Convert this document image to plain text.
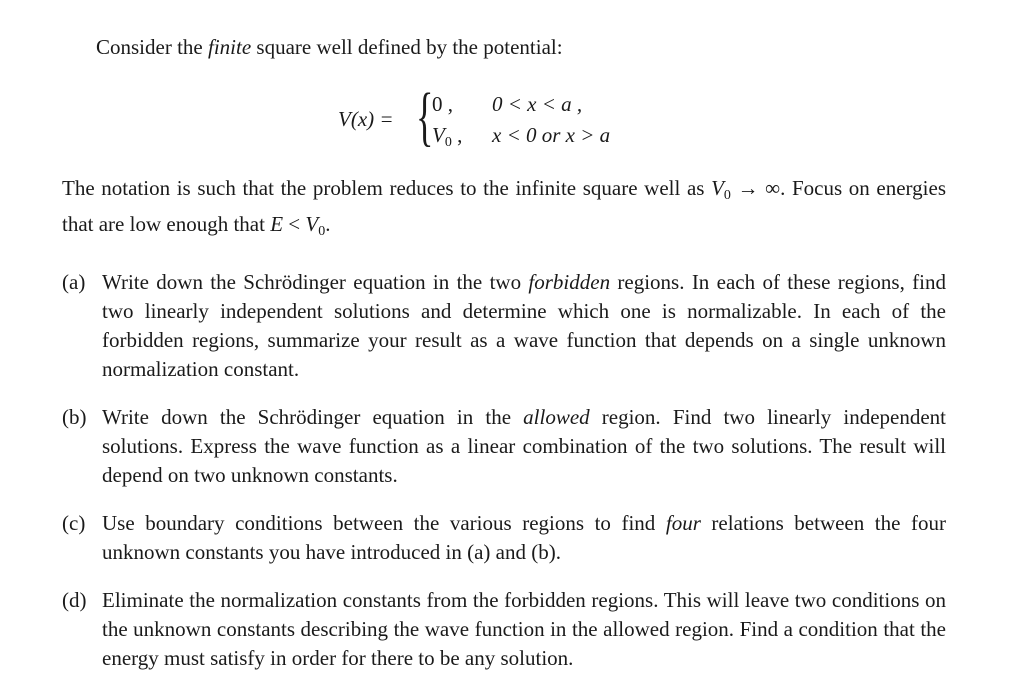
Consider the finite square well defined by the potential:
V(x) = {
0 , 0 < x < a ,
$V_0$ , x < 0 or x > a
The notation is such that the problem reduces to the infinite square well as $V_0$ → ∞. Focus on energies that are low enough that $E < V_0$.
(a) Write down the Schrödinger equation in the two forbidden regions. In each of these regions, find two linearly independent solutions and determine which one is normalizable. In each of the forbidden regions, summarize your result as a wave function that depends on a single unknown normalization constant.
(b) Write down the Schrödinger equation in the allowed region. Find two linearly independent solutions. Express the wave function as a linear combination of the two solutions. The result will depend on two unknown constants.
(c) Use boundary conditions between the various regions to find four relations between the four unknown constants you have introduced in (a) and (b).
(d) Eliminate the normalization constants from the forbidden regions. This will leave two conditions on the unknown constants describing the wave function in the allowed region. Find a condition that the energy must satisfy in order for there to be any solution.
